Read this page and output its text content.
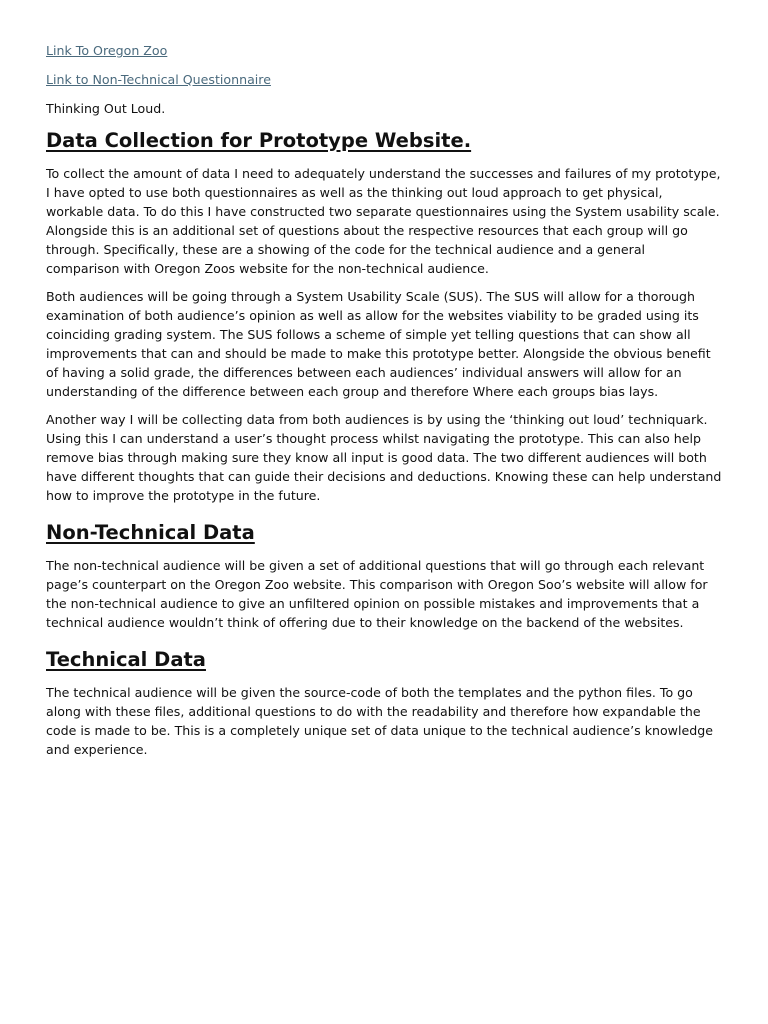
Link To Oregon Zoo
Link to Non-Technical Questionnaire
Thinking Out Loud.
Data Collection for Prototype Website.

To collect the amount of data I need to adequately understand the successes and failures of my prototype, I have opted to use both questionnaires as well as the thinking out loud approach to get physical, workable data. To do this I have constructed two separate questionnaires using the System usability scale. Alongside this is an additional set of questions about the respective resources that each group will go through. Specifically, these are a showing of the code for the technical audience and a general comparison with Oregon Zoos website for the non-technical audience.

Both audiences will be going through a System Usability Scale (SUS). The SUS will allow for a thorough examination of both audience’s opinion as well as allow for the websites viability to be graded using its coinciding grading system. The SUS follows a scheme of simple yet telling questions that can show all improvements that can and should be made to make this prototype better. Alongside the obvious benefit of having a solid grade, the differences between each audiences’ individual answers will allow for an understanding of the difference between each group and therefore Where each groups bias lays.

Another way I will be collecting data from both audiences is by using the ‘thinking out loud’ techniquark. Using this I can understand a user’s thought process whilst navigating the prototype. This can also help remove bias through making sure they know all input is good data. The two different audiences will both have different thoughts that can guide their decisions and deductions. Knowing these can help understand how to improve the prototype in the future.

Non-Technical Data

The non-technical audience will be given a set of additional questions that will go through each relevant page’s counterpart on the Oregon Zoo website. This comparison with Oregon Soo’s website will allow for the non-technical audience to give an unfiltered opinion on possible mistakes and improvements that a technical audience wouldn’t think of offering due to their knowledge on the backend of the websites.

Technical Data

The technical audience will be given the source-code of both the templates and the python files. To go along with these files, additional questions to do with the readability and therefore how expandable the code is made to be. This is a completely unique set of data unique to the technical audience’s knowledge and experience.
